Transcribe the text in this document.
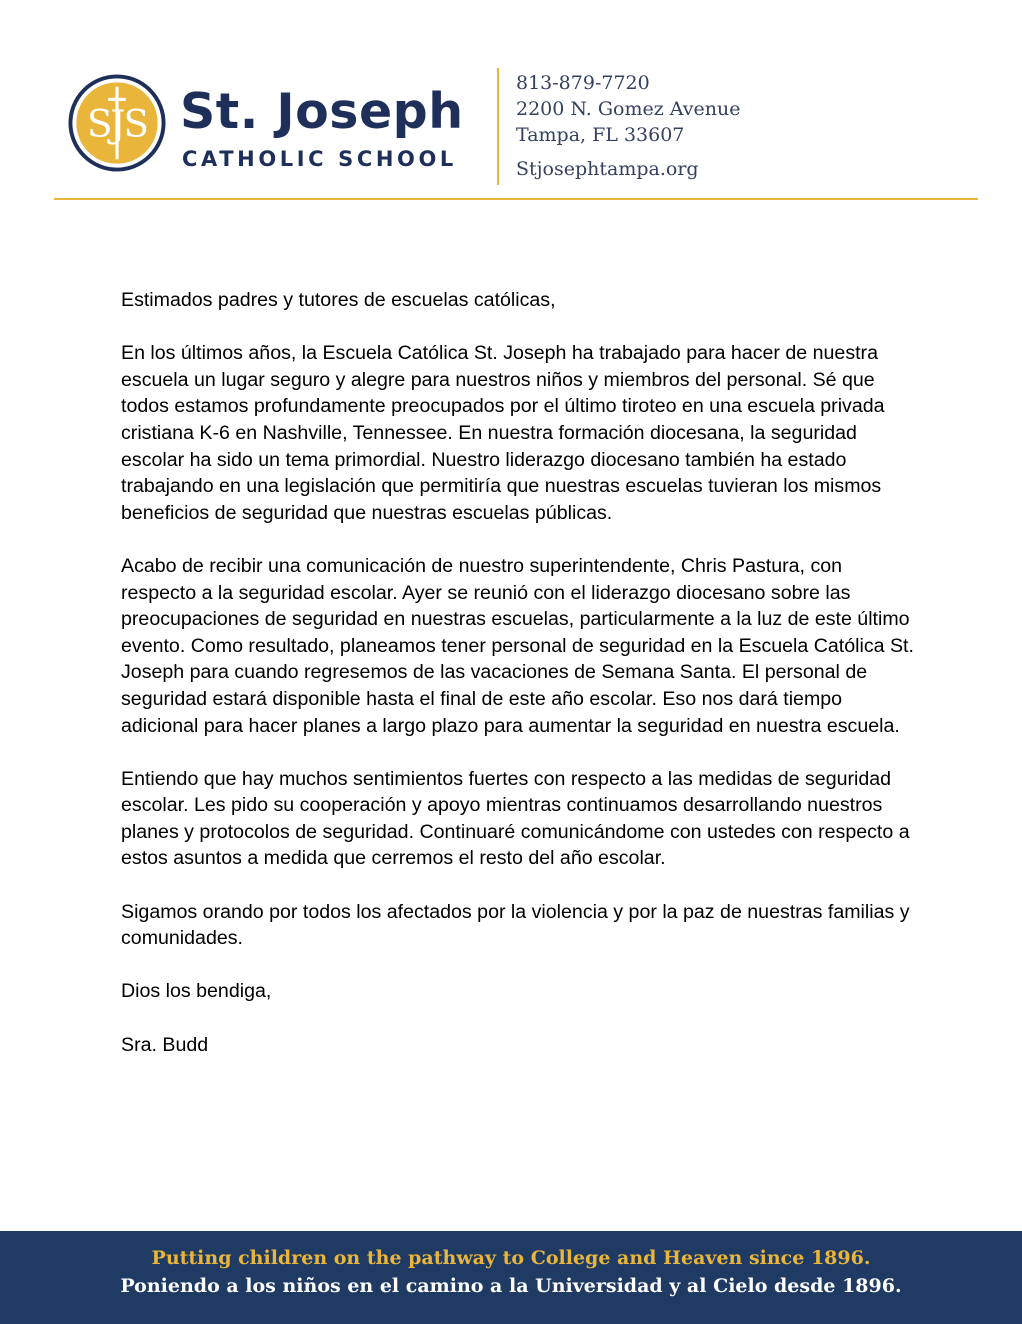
SJS St. Joseph
CATHOLIC SCHOOL
813-879-7720
2200 N. Gomez Avenue
Tampa, FL 33607
Stjosephtampa.org

Estimados padres y tutores de escuelas católicas,

En los últimos años, la Escuela Católica St. Joseph ha trabajado para hacer de nuestra escuela un lugar seguro y alegre para nuestros niños y miembros del personal. Sé que todos estamos profundamente preocupados por el último tiroteo en una escuela privada cristiana K-6 en Nashville, Tennessee. En nuestra formación diocesana, la seguridad escolar ha sido un tema primordial. Nuestro liderazgo diocesano también ha estado trabajando en una legislación que permitiría que nuestras escuelas tuvieran los mismos beneficios de seguridad que nuestras escuelas públicas.

Acabo de recibir una comunicación de nuestro superintendente, Chris Pastura, con respecto a la seguridad escolar. Ayer se reunió con el liderazgo diocesano sobre las preocupaciones de seguridad en nuestras escuelas, particularmente a la luz de este último evento. Como resultado, planeamos tener personal de seguridad en la Escuela Católica St. Joseph para cuando regresemos de las vacaciones de Semana Santa. El personal de seguridad estará disponible hasta el final de este año escolar. Eso nos dará tiempo adicional para hacer planes a largo plazo para aumentar la seguridad en nuestra escuela.

Entiendo que hay muchos sentimientos fuertes con respecto a las medidas de seguridad escolar. Les pido su cooperación y apoyo mientras continuamos desarrollando nuestros planes y protocolos de seguridad. Continuaré comunicándome con ustedes con respecto a estos asuntos a medida que cerremos el resto del año escolar.

Sigamos orando por todos los afectados por la violencia y por la paz de nuestras familias y comunidades.

Dios los bendiga,

Sra. Budd

Putting children on the pathway to College and Heaven since 1896.
Poniendo a los niños en el camino a la Universidad y al Cielo desde 1896.
